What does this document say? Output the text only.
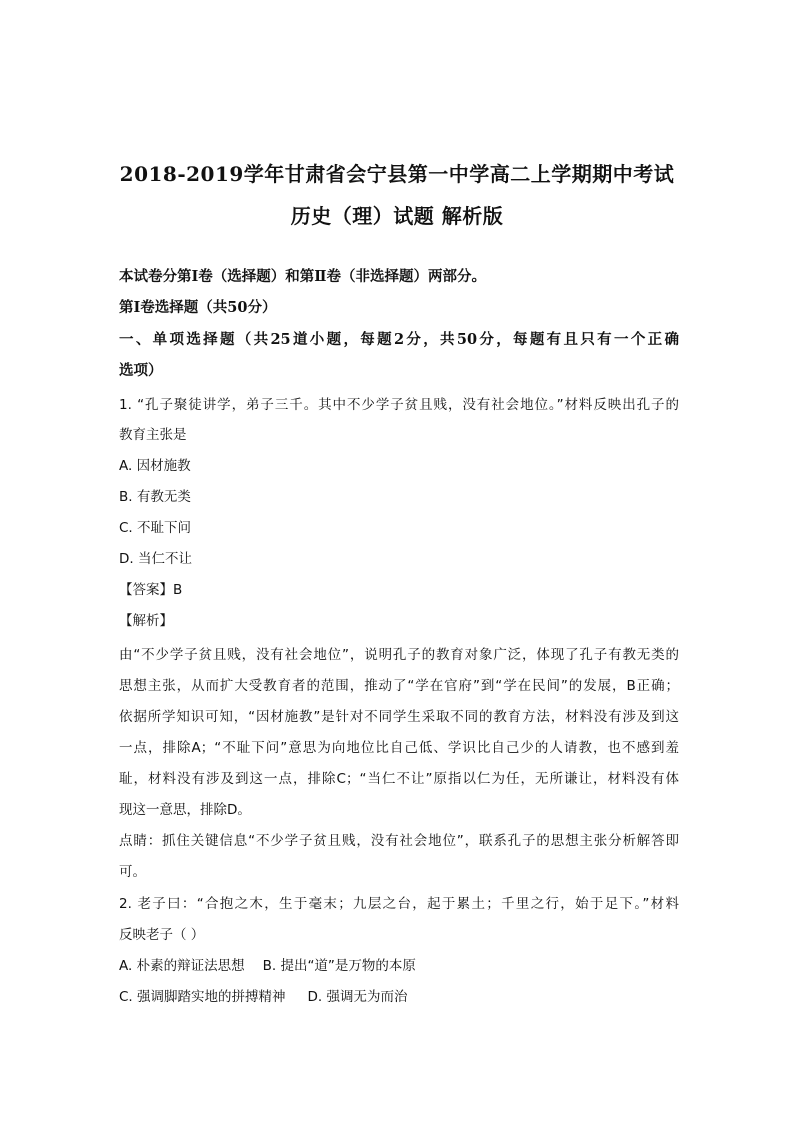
2018-2019学年甘肃省会宁县第一中学高二上学期期中考试
历史（理）试题 解析版
本试卷分第Ⅰ卷（选择题）和第Ⅱ卷（非选择题）两部分。
第Ⅰ卷选择题（共50分）
一、单项选择题（共25道小题，每题2分，共50分，每题有且只有一个正确
选项）
1. “孔子聚徒讲学，弟子三千。其中不少学子贫且贱，没有社会地位。”材料反映出孔子的
教育主张是
A. 因材施教
B. 有教无类
C. 不耻下问
D. 当仁不让
【答案】B
【解析】
由“不少学子贫且贱，没有社会地位”，说明孔子的教育对象广泛，体现了孔子有教无类的
思想主张，从而扩大受教育者的范围，推动了“学在官府”到“学在民间”的发展，B正确；
依据所学知识可知，“因材施教”是针对不同学生采取不同的教育方法，材料没有涉及到这
一点，排除A；“不耻下问”意思为向地位比自己低、学识比自己少的人请教，也不感到羞
耻，材料没有涉及到这一点，排除C；“当仁不让”原指以仁为任，无所谦让，材料没有体
现这一意思，排除D。
点睛：抓住关键信息“不少学子贫且贱，没有社会地位”，联系孔子的思想主张分析解答即
可。
2. 老子曰：“合抱之木，生于毫末；九层之台，起于累土；千里之行，始于足下。”材料
反映老子（ ）
A. 朴素的辩证法思想 B. 提出“道”是万物的本原
C. 强调脚踏实地的拼搏精神 D. 强调无为而治
